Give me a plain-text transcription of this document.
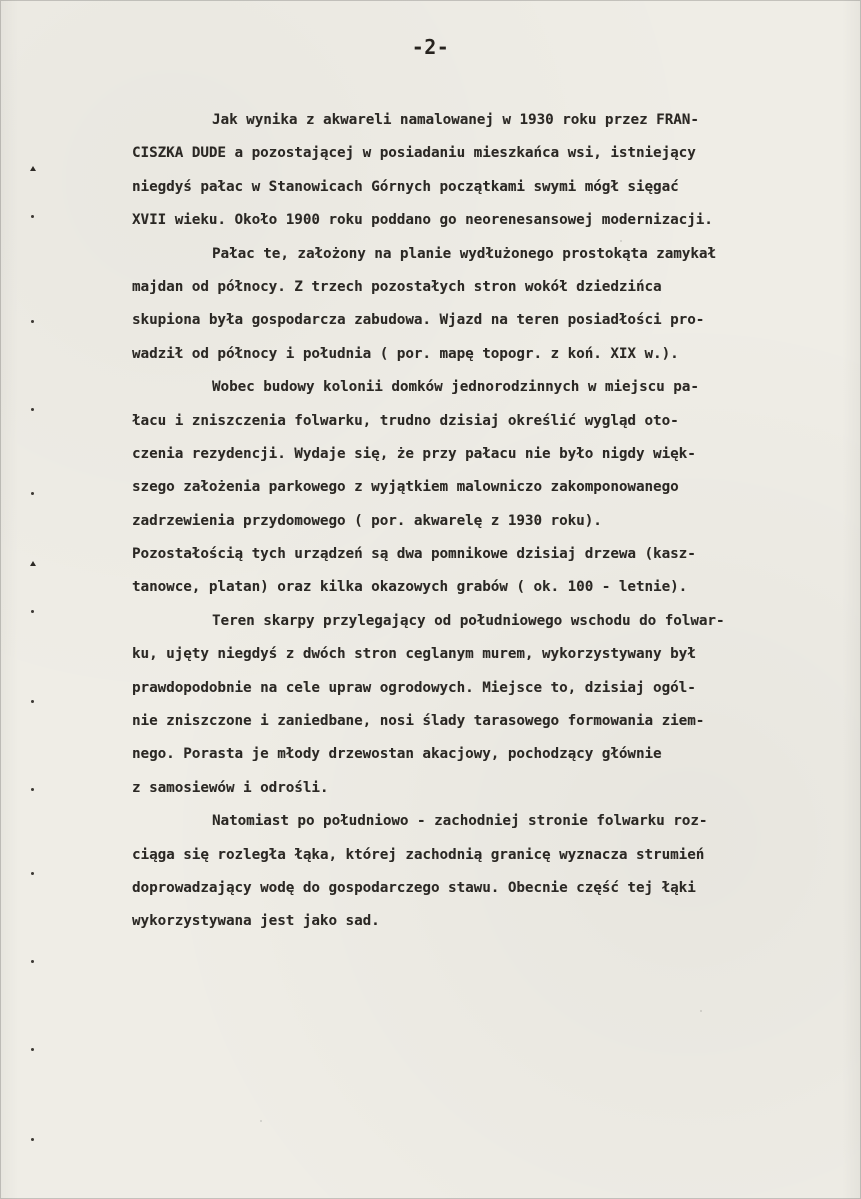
-2-
Jak wynika z akwareli namalowanej w 1930 roku przez FRAN-
CISZKA DUDE a pozostającej w posiadaniu mieszkańca wsi, istniejący
niegdyś pałac w Stanowicach Górnych początkami swymi mógł sięgać
XVII wieku. Około 1900 roku poddano go neorenesansowej modernizacji.
Pałac te, założony na planie wydłużonego prostokąta zamykał
majdan od północy. Z trzech pozostałych stron wokół dziedzińca
skupiona była gospodarcza zabudowa. Wjazd na teren posiadłości pro-
wadził od północy i południa ( por. mapę topogr. z koń. XIX w.).
Wobec budowy kolonii domków jednorodzinnych w miejscu pa-
łacu i zniszczenia folwarku, trudno dzisiaj określić wygląd oto-
czenia rezydencji. Wydaje się, że przy pałacu nie było nigdy więk-
szego założenia parkowego z wyjątkiem malowniczo zakomponowanego
zadrzewienia przydomowego ( por. akwarelę z 1930 roku).
Pozostałością tych urządzeń są dwa pomnikowe dzisiaj drzewa (kasz-
tanowce, platan) oraz kilka okazowych grabów ( ok. 100 - letnie).
Teren skarpy przylegający od południowego wschodu do folwar-
ku, ujęty niegdyś z dwóch stron ceglanym murem, wykorzystywany był
prawdopodobnie na cele upraw ogrodowych. Miejsce to, dzisiaj ogól-
nie zniszczone i zaniedbane, nosi ślady tarasowego formowania ziem-
nego. Porasta je młody drzewostan akacjowy, pochodzący głównie
z samosiewów i odrośli.
Natomiast po południowo - zachodniej stronie folwarku roz-
ciąga się rozległa łąka, której zachodnią granicę wyznacza strumień
doprowadzający wodę do gospodarczego stawu. Obecnie część tej łąki
wykorzystywana jest jako sad.
